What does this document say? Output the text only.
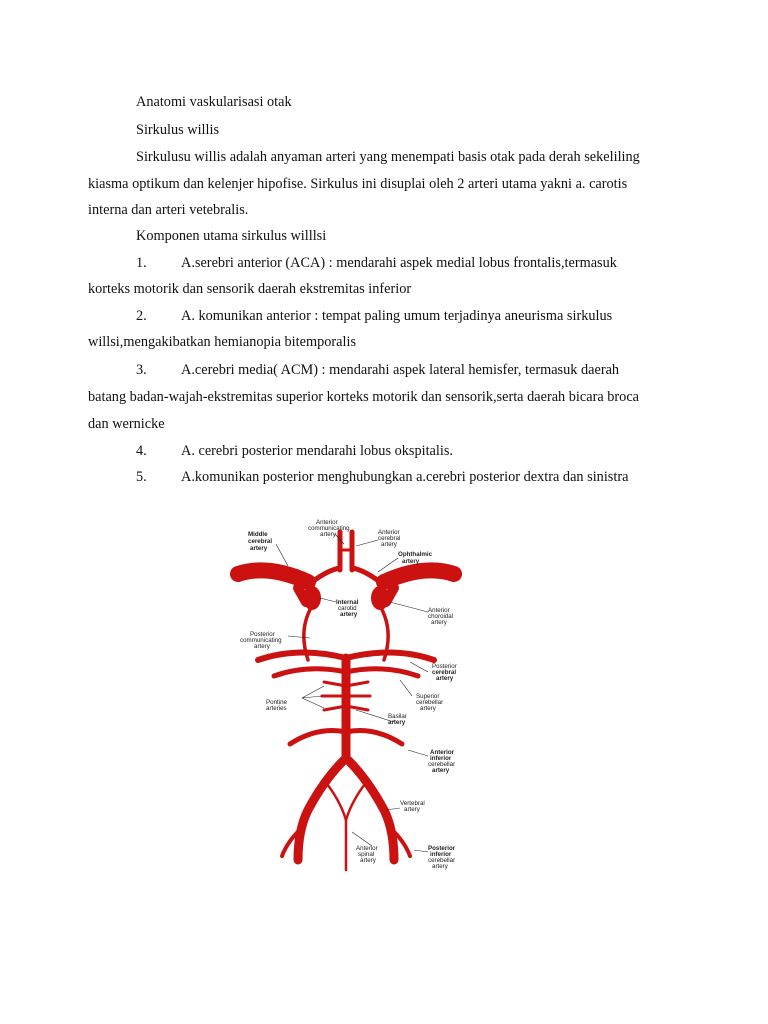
Anatomi vaskularisasi otak
Sirkulus willis
Sirkulusu willis adalah anyaman arteri yang menempati basis otak pada derah sekeliling
kiasma optikum dan kelenjer hipofise. Sirkulus ini disuplai oleh 2 arteri utama yakni a. carotis
interna dan arteri vetebralis.
Komponen utama sirkulus willlsi
1. A.serebri anterior (ACA) : mendarahi aspek medial lobus frontalis,termasuk
korteks motorik dan sensorik daerah ekstremitas inferior
2. A. komunikan anterior : tempat paling umum terjadinya aneurisma sirkulus
willsi,mengakibatkan hemianopia bitemporalis
3. A.cerebri media( ACM) : mendarahi aspek lateral hemisfer, termasuk daerah
batang badan-wajah-ekstremitas superior korteks motorik dan sensorik,serta daerah bicara broca
dan wernicke
4. A. cerebri posterior mendarahi lobus okspitalis.
5. A.komunikan posterior menghubungkan a.cerebri posterior dextra dan sinistra
Anterior
communicating
artery
Middle
cerebral
artery
Anterior
cerebral
artery
Ophthalmic
artery
Internal
carotid
artery
Anterior
choroidal
artery
Posterior
communicating
artery
Posterior
cerebral
artery
Superior
cerebellar
artery
Pontine
arteries
Basilar
artery
Anterior
inferior
cerebellar
artery
Vertebral
artery
Anterior
spinal
artery
Posterior
inferior
cerebellar
artery
